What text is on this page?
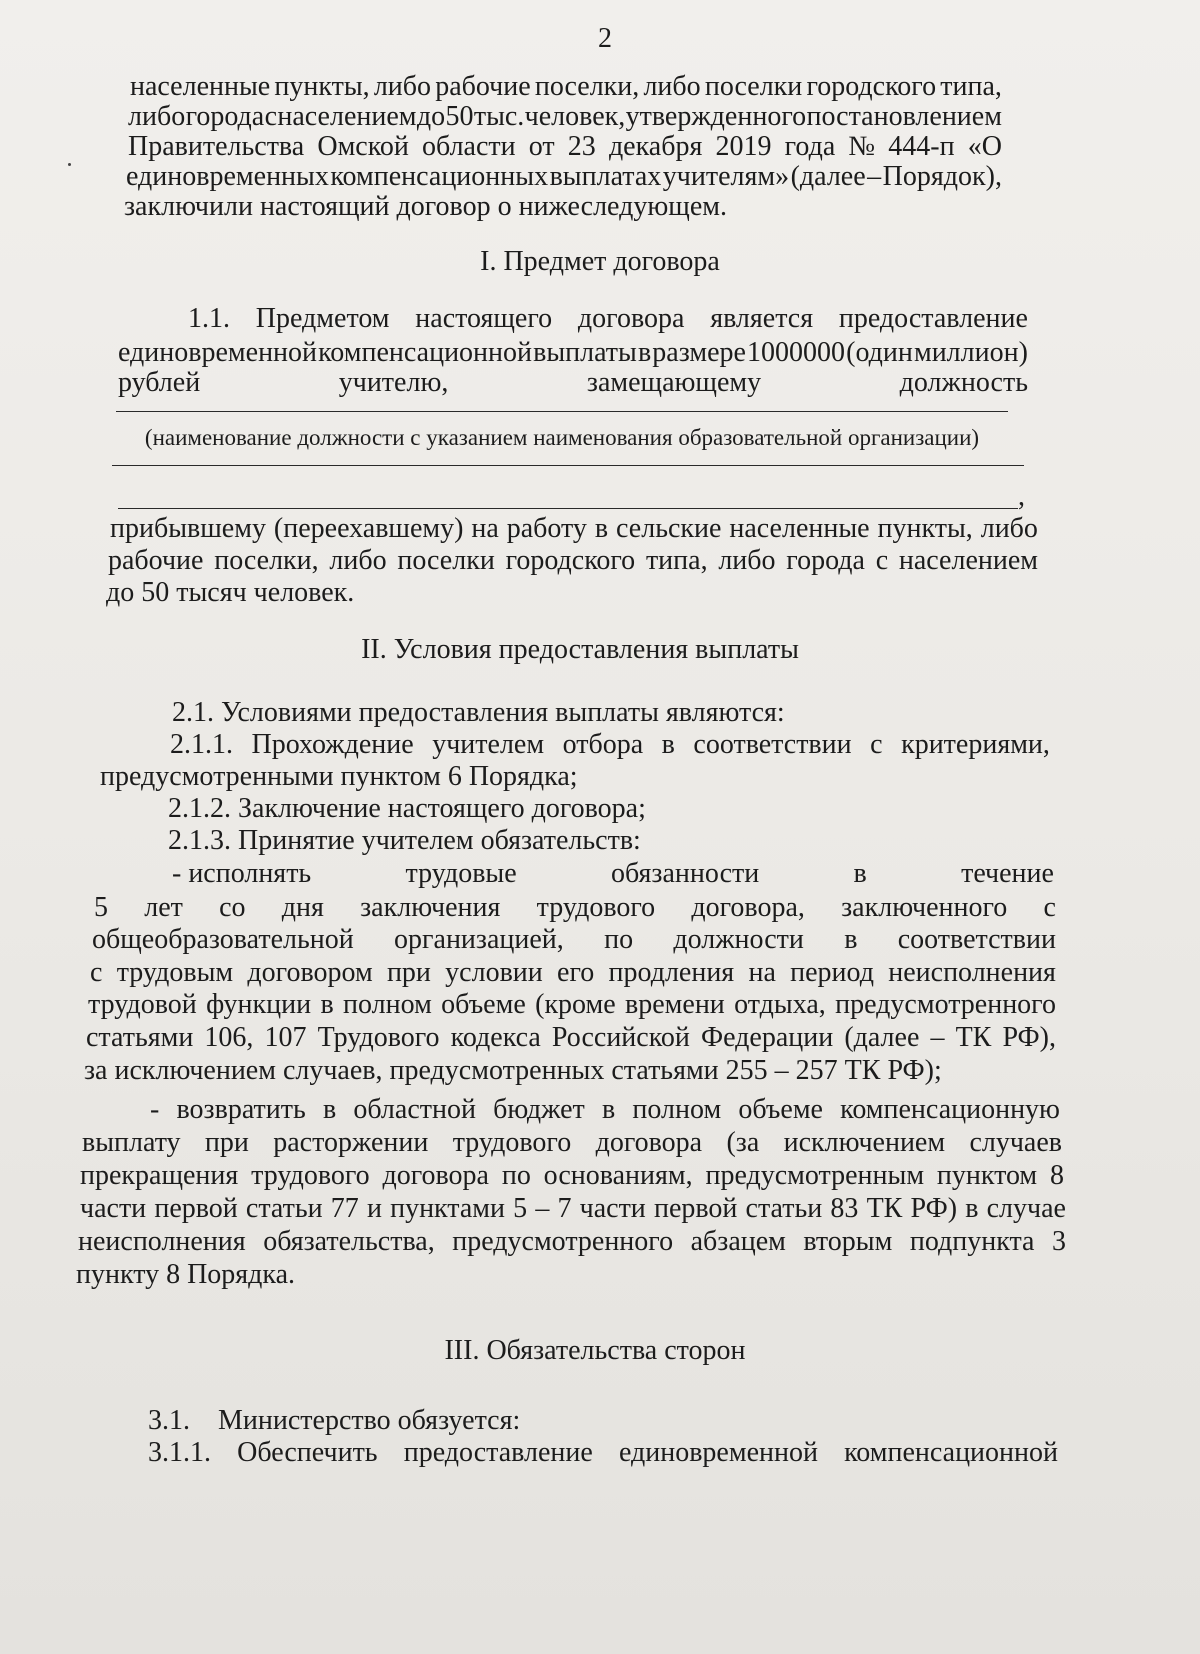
2
населенные пункты, либо рабочие поселки, либо поселки городского типа,
либо города с населением до 50 тыс. человек, утвержденного постановлением
Правительства Омской области от 23 декабря 2019 года № 444-п «О
единовременных компенсационных выплатах учителям» (далее – Порядок),
заключили настоящий договор о нижеследующем.
I. Предмет договора
1.1. Предметом настоящего договора является предоставление
единовременной компенсационной выплаты в размере 1000000 (один миллион)
рублей	учителю,	замещающему	должность
(наименование должности с указанием наименования образовательной организации)
,
прибывшему (переехавшему) на работу в сельские населенные пункты, либо
рабочие поселки, либо поселки городского типа, либо города с населением
до 50 тысяч человек.
II. Условия предоставления выплаты
2.1. Условиями предоставления выплаты являются:
2.1.1. Прохождение учителем отбора в соответствии с критериями,
предусмотренными пунктом 6 Порядка;
2.1.2. Заключение настоящего договора;
2.1.3. Принятие учителем обязательств:
- исполнять	трудовые	обязанности	в	течение
5 лет со дня заключения трудового договора, заключенного с
общеобразовательной организацией, по должности в соответствии
с трудовым договором при условии его продления на период неисполнения
трудовой функции в полном объеме (кроме времени отдыха, предусмотренного
статьями 106, 107 Трудового кодекса Российской Федерации (далее – ТК РФ),
за исключением случаев, предусмотренных статьями 255 – 257 ТК РФ);
- возвратить в областной бюджет в полном объеме компенсационную
выплату при расторжении трудового договора (за исключением случаев
прекращения трудового договора по основаниям, предусмотренным пунктом 8
части первой статьи 77 и пунктами 5 – 7 части первой статьи 83 ТК РФ) в случае
неисполнения обязательства, предусмотренного абзацем вторым подпункта 3
пункту 8 Порядка.
III. Обязательства сторон
3.1.    Министерство обязуется:
3.1.1. Обеспечить предоставление единовременной компенсационной
